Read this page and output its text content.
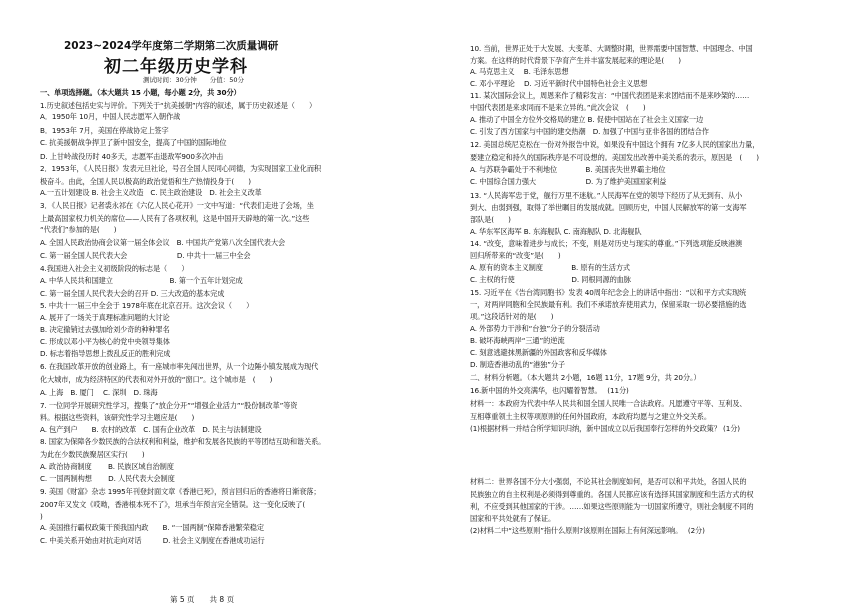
2023~2024学年度第二学期第二次质量调研
初二年级历史学科
测试时间：30分钟　　分值：50分
一、单项选择题。（本大题共 15 小题，每小题 2分，共 30分）
1.历史叙述包括史实与评价。下列关于“抗美援朝”内容的叙述，属于历史叙述是（　　）
A．1950年 10月，中国人民志愿军入朝作战
B．1953年 7月，美国在停战协定上签字
C. 抗美援朝战争捍卫了新中国安全，提高了中国的国际地位
D. 上甘岭战役历时 40多天，志愿军击退敌军900多次冲击
2．1953年，《人民日报》发表元旦社论，号召全国人民同心同德，为实现国家工业化而积
极奋斗。由此，全国人民以极高的政治觉悟和生产热情投身于(　　)
A.一五计划建设 B. 社会主义改造　C. 民主政治建设　D. 社会主义改革
3．《人民日报》记者裘永祁在《六亿人民心花开》一文中写道：“代表们走进了会场，坐
上最高国家权力机关的席位——人民有了各项权利，这是中国开天辟地的第一次。”这些
“代表们”参加的是(　　)
A. 全国人民政治协商会议第一届全体会议　B. 中国共产党第八次全国代表大会
C. 第一届全国人民代表大会　　　　　　　D. 中共十一届三中全会
4.我国进入社会主义初级阶段的标志是（　　）
A. 中华人民共和国建立　　　　　　　　B. 第一个五年计划完成
C. 第一届全国人民代表大会的召开 D. 三大改造的基本完成
5. 中共十一届三中全会于 1978年底在北京召开。这次会议（　　）
A. 展开了一场关于真理标准问题的大讨论
B. 决定撤销过去强加给刘少奇的种种罪名
C. 形成以邓小平为核心的党中央领导集体
D. 标志着指导思想上拨乱反正的胜利完成
6. 在我国改革开放的创业路上，有一座城市率先闯出世界，从一个边陲小镇发展成为现代
化大城市，成为经济特区的代表和对外开放的“窗口”。这个城市是　(　　)
A. 上海　B. 厦门　 C. 深圳　D. 珠海
7. 一位同学开展研究性学习，搜集了“放企分开”“增强企业活力”“股份制改革”等资
料。根据这些资料，该研究性学习主题应是(　　)
A. 包产到户　　B. 农村的改革　C. 国有企业改革　D. 民主与法制建设
8. 国家为保障各少数民族的合法权利和利益，维护和发展各民族的平等团结互助和谐关系。
为此在少数民族聚居区实行(　　)
A. 政治协商制度　　 B. 民族区域自治制度
C. 一国两制构想　　 D. 人民代表大会制度
9. 美国《财富》杂志 1995年刊登封面文章《香港已死》，预言回归后的香港将日渐衰落；
2007年又发文《哎呦，香港根本死不了》，坦承当年预言完全错误。这一变化反映了(
)
A. 美国推行霸权政策干预我国内政　　B. “一国两制”保障香港繁荣稳定
C. 中美关系开始由对抗走向对话　　　D. 社会主义制度在香港成功运行
10. 当前，世界正处于大发展、大变革、大调整时期，世界需要中国智慧、中国理念、中国
方案。在这样的时代背景下孕育产生并丰富发展起来的理论是(　　)
A. 马克思主义　 B. 毛泽东思想
C. 邓小平理论　 D. 习近平新时代中国特色社会主义思想
11. 某次国际会议上，周恩来作了精彩发言：“中国代表团是来求团结而不是来吵架的……
中国代表团是来求同而不是来立异的。”此次会议　(　　)
A. 推动了中国全方位外交格局的建立 B. 促使中国站在了社会主义国家一边
C. 引发了西方国家与中国的建交热潮　D. 加强了中国与亚非各国的团结合作
12. 美国总统尼克松在一份对外报告中说，如果没有中国这个拥有 7亿多人民的国家出力量，
要建立稳定和持久的国际秩序是不可设想的。美国发出改善中美关系的表示，原因是　(　　)
A. 与苏联争霸处于不利地位　　　　B. 美国丧失世界霸主地位
C. 中国综合国力强大　　　　　　　D. 为了维护美国国家利益
13. “人民海军忠于党，舰行万里不迷航。”人民海军在党的领导下经历了从无到有、从小
到大、由弱到强，取得了举世瞩目的发展成就。回顾历史，中国人民解放军的第一支海军
部队是(　　)
A. 华东军区海军 B. 东海舰队 C. 南海舰队 D. 北海舰队
14. “改变，意味着进步与成长；不变，则是对历史与现实的尊重。”下列选项能反映港澳
回归所带来的“改变”是(　　)
A. 原有的资本主义制度　　　　B. 原有的生活方式
C. 主权的行使　　　　　　　　D. 同根同源的血脉
15. 习近平在《告台湾同胞书》发表 40周年纪念会上的讲话中指出：“以和平方式实现统
一，对两岸同胞和全民族最有利。我们不承诺放弃使用武力，保留采取一切必要措施的选
项。”这段话针对的是(　　)
A. 外部势力干涉和“台独”分子的分裂活动
B. 破坏海峡两岸“三通”的逆流
C. 刻意逃避抹黑新疆的外国政客和反华媒体
D. 制造香港动乱的“港独”分子
二、材料分析题。（本大题共 2小题，16题 11分，17题 9分，共 20分。）
16.新中国的外交亮满华，也闪耀着智慧。　 (11分)
材料一：本政府为代表中华人民共和国全国人民唯一合法政府。凡愿遵守平等、互利及、
互相尊重领土主权等项原则的任何外国政府，本政府均愿与之建立外交关系。
(1)根据材料一并结合所学知识归纳，新中国成立以后我国奉行怎样的外交政策？ (1分)
材料二：世界各国不分大小强弱，不论其社会制度如何，是否可以和平共处，各国人民的
民族独立的自主权利是必须得到尊重的。各国人民都应该有选择其国家制度和生活方式的权
利，不应受到其他国家的干涉。……如果这些原则能为一切国家所遵守，则社会制度不同的
国家和平共处就有了保证。
(2)材料二中“这些原则”指什么原则?该原则在国际上有何深远影响。　 (2分)
第 5 页　　共 8 页
